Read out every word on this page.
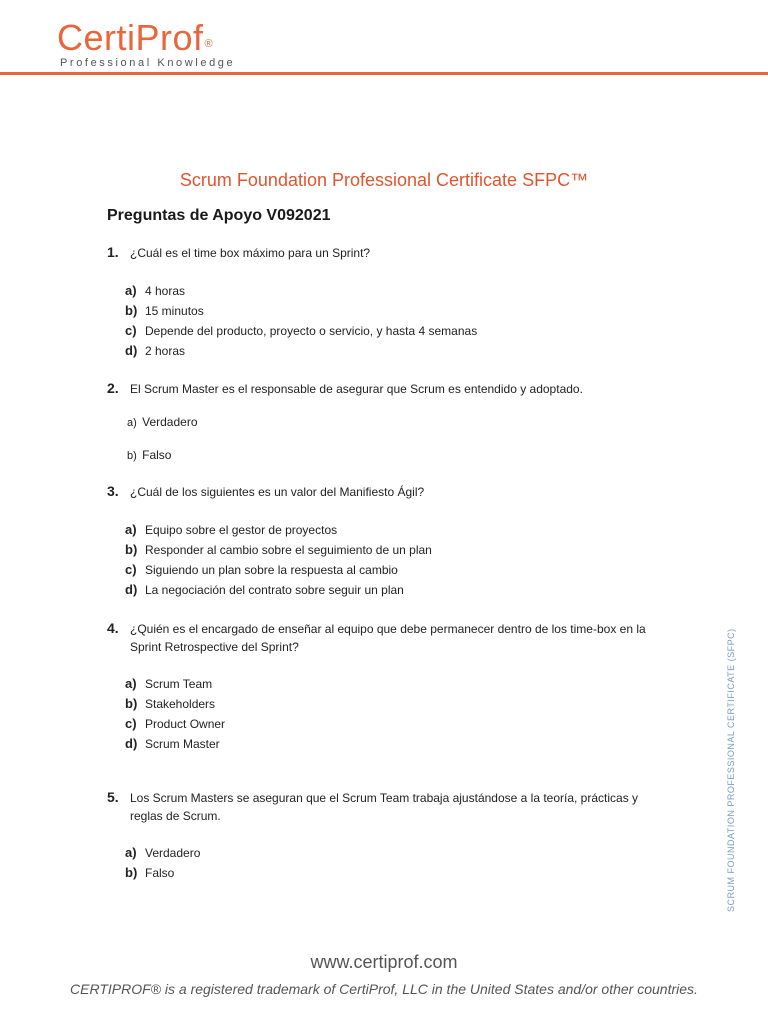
CertiProf®
Professional Knowledge
Scrum Foundation Professional Certificate SFPC™
Preguntas de Apoyo V092021
1. ¿Cuál es el time box máximo para un Sprint?
a) 4 horas
b) 15 minutos
c) Depende del producto, proyecto o servicio, y hasta 4 semanas
d) 2 horas
2. El Scrum Master es el responsable de asegurar que Scrum es entendido y adoptado.
a) Verdadero
b) Falso
3. ¿Cuál de los siguientes es un valor del Manifiesto Ágil?
a) Equipo sobre el gestor de proyectos
b) Responder al cambio sobre el seguimiento de un plan
c) Siguiendo un plan sobre la respuesta al cambio
d) La negociación del contrato sobre seguir un plan
4. ¿Quién es el encargado de enseñar al equipo que debe permanecer dentro de los time-box en la Sprint Retrospective del Sprint?
a) Scrum Team
b) Stakeholders
c) Product Owner
d) Scrum Master
5. Los Scrum Masters se aseguran que el Scrum Team trabaja ajustándose a la teoría, prácticas y reglas de Scrum.
a) Verdadero
b) Falso	SCRUM FOUNDATION PROFESSIONAL CERTIFICATE (SFPC)
www.certiprof.com
CERTIPROF® is a registered trademark of CertiProf, LLC in the United States and/or other countries.
